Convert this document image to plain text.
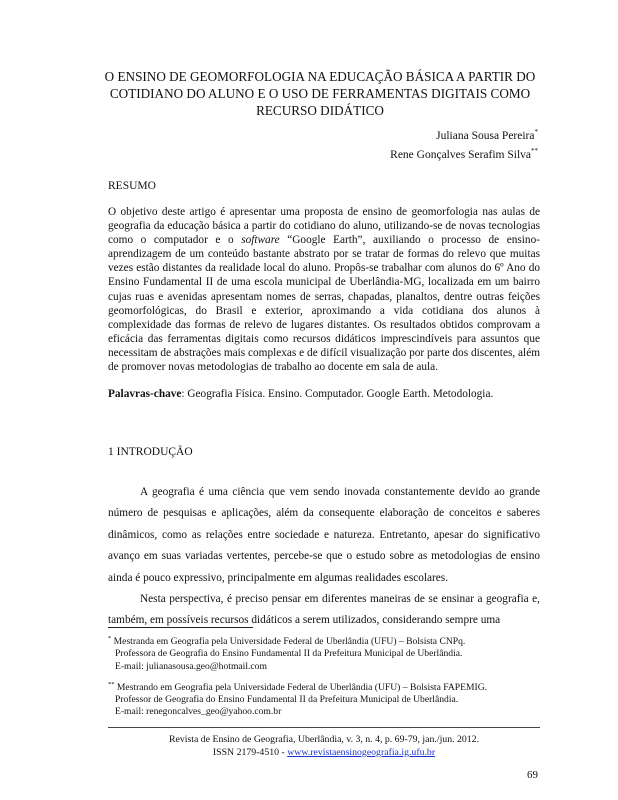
O ENSINO DE GEOMORFOLOGIA NA EDUCAÇÃO BÁSICA A PARTIR DO COTIDIANO DO ALUNO E O USO DE FERRAMENTAS DIGITAIS COMO RECURSO DIDÁTICO
Juliana Sousa Pereira*
Rene Gonçalves Serafim Silva**
RESUMO
O objetivo deste artigo é apresentar uma proposta de ensino de geomorfologia nas aulas de geografia da educação básica a partir do cotidiano do aluno, utilizando-se de novas tecnologias como o computador e o software “Google Earth”, auxiliando o processo de ensino-aprendizagem de um conteúdo bastante abstrato por se tratar de formas do relevo que muitas vezes estão distantes da realidade local do aluno. Propôs-se trabalhar com alunos do 6º Ano do Ensino Fundamental II de uma escola municipal de Uberlândia-MG, localizada em um bairro cujas ruas e avenidas apresentam nomes de serras, chapadas, planaltos, dentre outras feições geomorfológicas, do Brasil e exterior, aproximando a vida cotidiana dos alunos à complexidade das formas de relevo de lugares distantes. Os resultados obtidos comprovam a eficácia das ferramentas digitais como recursos didáticos imprescindíveis para assuntos que necessitam de abstrações mais complexas e de difícil visualização por parte dos discentes, além de promover novas metodologias de trabalho ao docente em sala de aula.
Palavras-chave: Geografia Física. Ensino. Computador. Google Earth. Metodologia.
1 INTRODUÇÃO

A geografia é uma ciência que vem sendo inovada constantemente devido ao grande número de pesquisas e aplicações, além da consequente elaboração de conceitos e saberes dinâmicos, como as relações entre sociedade e natureza. Entretanto, apesar do significativo avanço em suas variadas vertentes, percebe-se que o estudo sobre as metodologias de ensino ainda é pouco expressivo, principalmente em algumas realidades escolares.

Nesta perspectiva, é preciso pensar em diferentes maneiras de se ensinar a geografia e, também, em possíveis recursos didáticos a serem utilizados, considerando sempre uma

* Mestranda em Geografia pela Universidade Federal de Uberlândia (UFU) – Bolsista CNPq.
Professora de Geografia do Ensino Fundamental II da Prefeitura Municipal de Uberlândia.
E-mail: julianasousa.geo@hotmail.com
** Mestrando em Geografia pela Universidade Federal de Uberlândia (UFU) – Bolsista FAPEMIG.
Professor de Geografia do Ensino Fundamental II da Prefeitura Municipal de Uberlândia.
E-mail: renegoncalves_geo@yahoo.com.br
Revista de Ensino de Geografia, Uberlândia, v. 3, n. 4, p. 69-79, jan./jun. 2012.
ISSN 2179-4510 - www.revistaensinogeografia.ig.ufu.br
69
